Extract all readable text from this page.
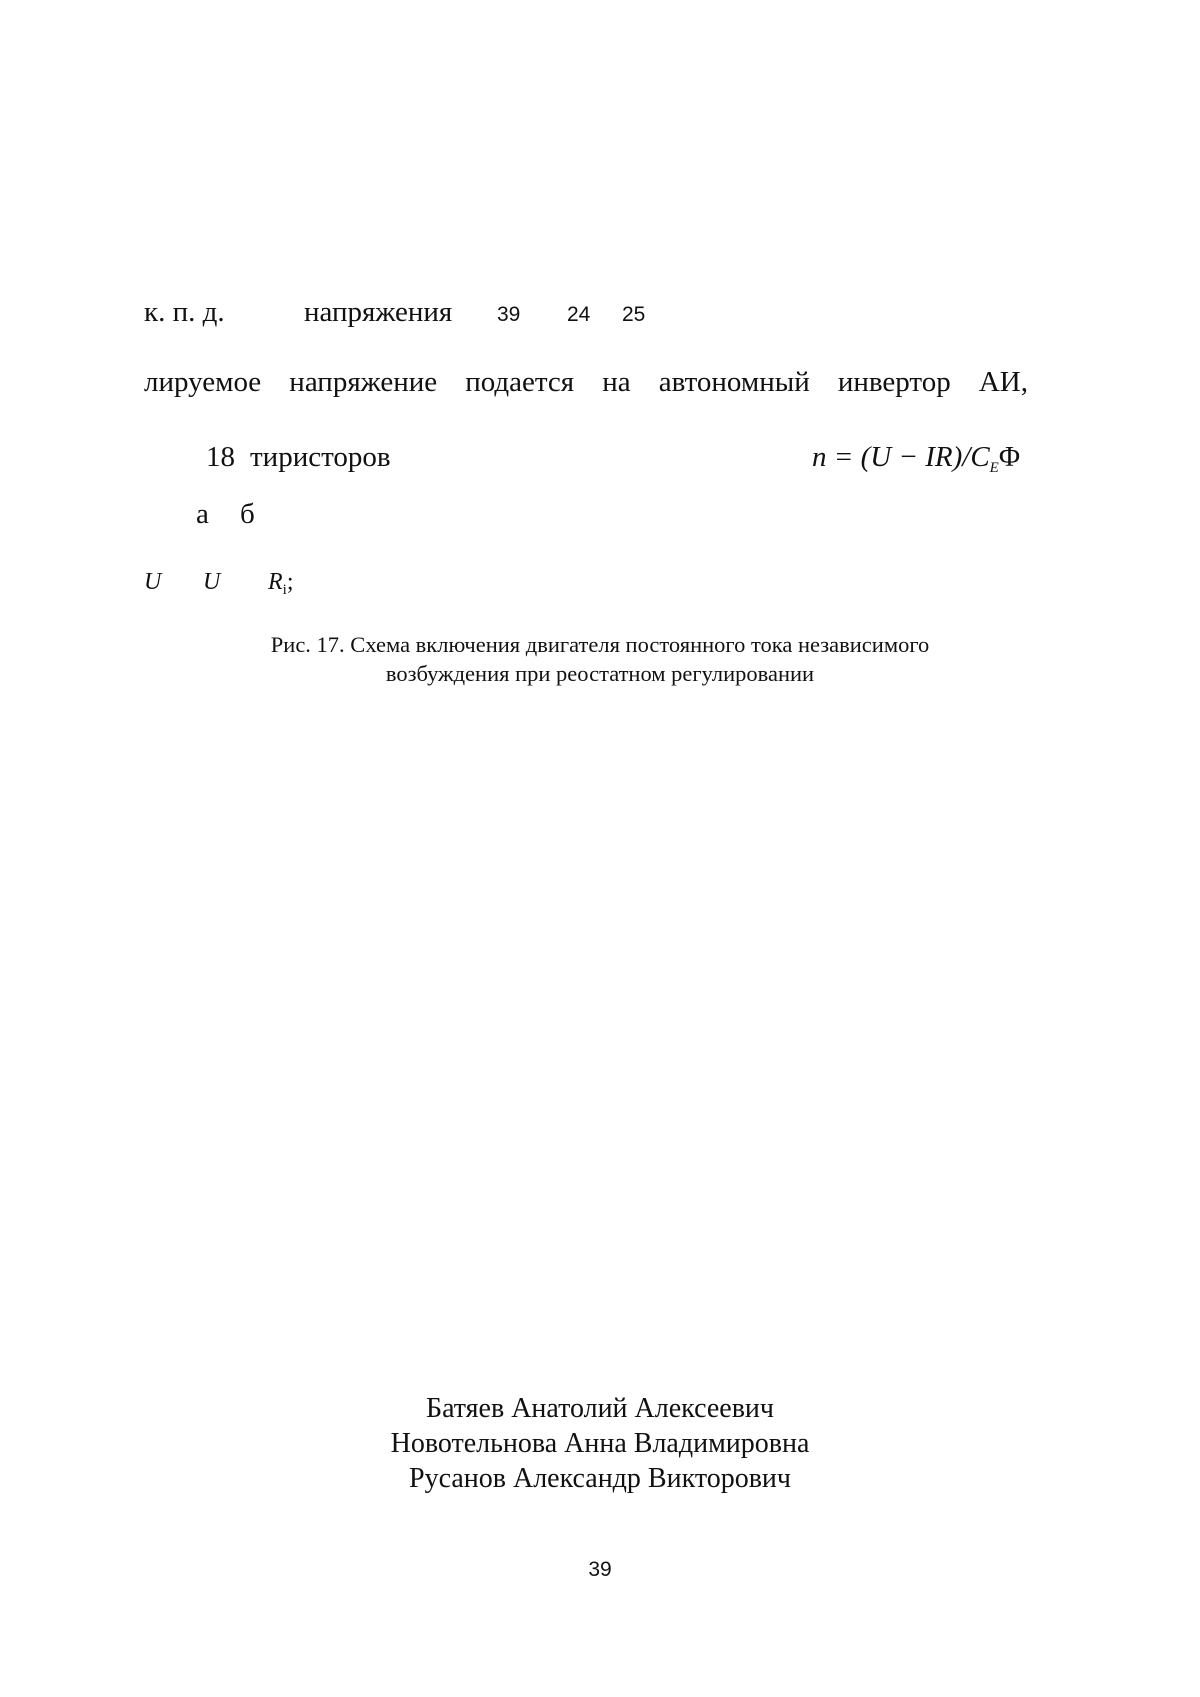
к. п. д.	напряжения 39 24 25
лируемое напряжение подается на автономный инвертор АИ,
18 тиристоров	$n = (U - IR)/C_E\Phi$
а б
U U $R_i$;
Рис. 17. Схема включения двигателя постоянного тока независимого
возбуждения при реостатном регулировании
Батяев Анатолий Алексеевич
Новотельнова Анна Владимировна
Русанов Александр Викторович
39
